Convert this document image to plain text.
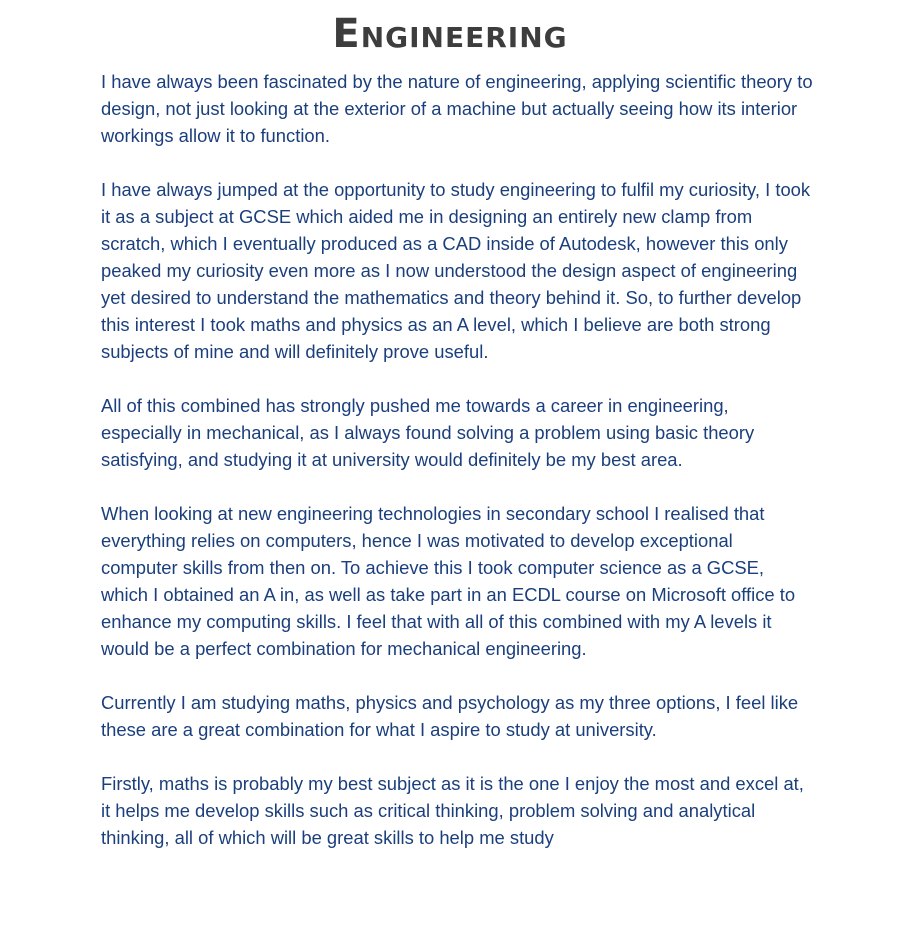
Engineering

I have always been fascinated by the nature of engineering, applying scientific theory to design, not just looking at the exterior of a machine but actually seeing how its interior workings allow it to function.

I have always jumped at the opportunity to study engineering to fulfil my curiosity, I took it as a subject at GCSE which aided me in designing an entirely new clamp from scratch, which I eventually produced as a CAD inside of Autodesk, however this only peaked my curiosity even more as I now understood the design aspect of engineering yet desired to understand the mathematics and theory behind it. So, to further develop this interest I took maths and physics as an A level, which I believe are both strong subjects of mine and will definitely prove useful.

All of this combined has strongly pushed me towards a career in engineering, especially in mechanical, as I always found solving a problem using basic theory satisfying, and studying it at university would definitely be my best area.

When looking at new engineering technologies in secondary school I realised that everything relies on computers, hence I was motivated to develop exceptional computer skills from then on. To achieve this I took computer science as a GCSE, which I obtained an A in, as well as take part in an ECDL course on Microsoft office to enhance my computing skills. I feel that with all of this combined with my A levels it would be a perfect combination for mechanical engineering.

Currently I am studying maths, physics and psychology as my three options, I feel like these are a great combination for what I aspire to study at university.

Firstly, maths is probably my best subject as it is the one I enjoy the most and excel at, it helps me develop skills such as critical thinking, problem solving and analytical thinking, all of which will be great skills to help me study
